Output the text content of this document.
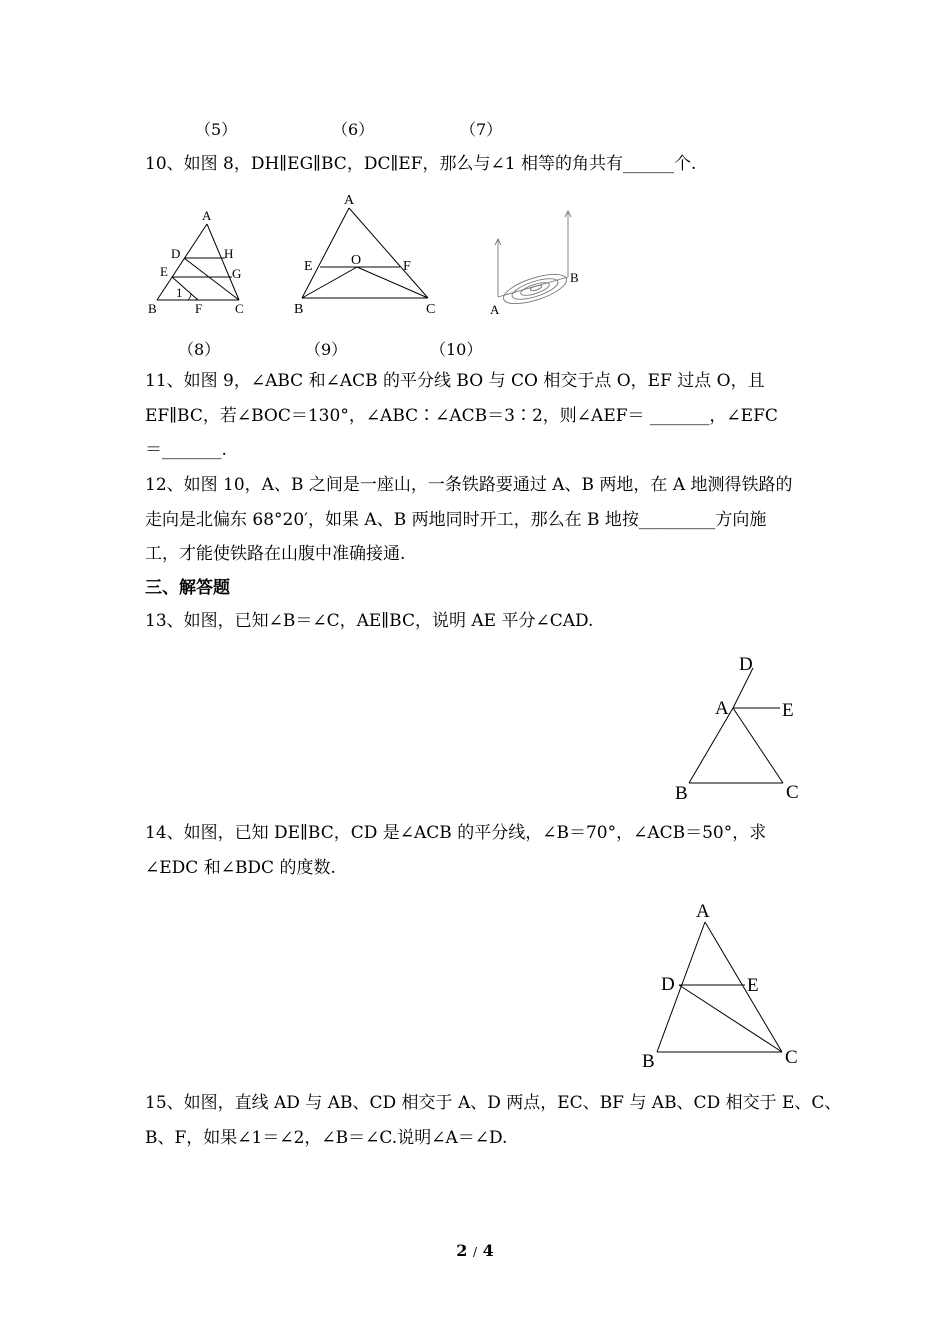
（5）	（6）	（7）
10、如图 8，DH∥EG∥BC，DC∥EF，那么与∠1 相等的角共有______个.
A
D	H
E	G
1
B	F	C
A
E	O	F
B	C	A
B
（8）	（9）	（10）
11、如图 9，∠ABC 和∠ACB 的平分线 BO 与 CO 相交于点 O，EF 过点 O，且
EF∥BC，若∠BOC＝130°，∠ABC∶∠ACB＝3∶2，则∠AEF＝ _______，∠EFC
＝_______.
12、如图 10，A、B 之间是一座山，一条铁路要通过 A、B 两地，在 A 地测得铁路的
走向是北偏东 68°20′，如果 A、B 两地同时开工，那么在 B 地按_________方向施
工，才能使铁路在山腹中准确接通.
三、解答题
13、如图，已知∠B＝∠C，AE∥BC，说明 AE 平分∠CAD.
D
A	E
B	C
14、如图，已知 DE∥BC，CD 是∠ACB 的平分线，∠B＝70°，∠ACB＝50°，求
∠EDC 和∠BDC 的度数.
A
D	E
B	C
15、如图，直线 AD 与 AB、CD 相交于 A、D 两点，EC、BF 与 AB、CD 相交于 E、C、
B、F，如果∠1＝∠2，∠B＝∠C.说明∠A＝∠D.
2 / 4
